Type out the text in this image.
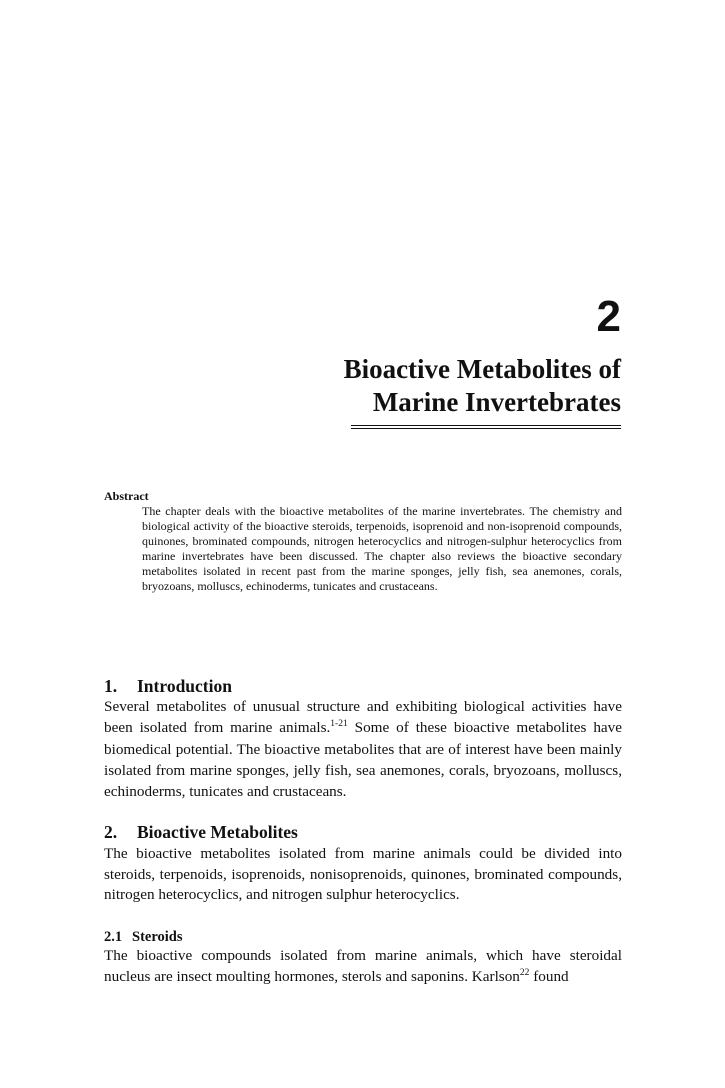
2
Bioactive Metabolites of
Marine Invertebrates
Abstract

The chapter deals with the bioactive metabolites of the marine invertebrates. The chemistry and biological activity of the bioactive steroids, terpenoids, isoprenoid and non-isoprenoid compounds, quinones, brominated compounds, nitrogen heterocyclics and nitrogen-sulphur heterocyclics from marine invertebrates have been discussed. The chapter also reviews the bioactive secondary metabolites isolated in recent past from the marine sponges, jelly fish, sea anemones, corals, bryozoans, molluscs, echinoderms, tunicates and crustaceans.

1. Introduction

Several metabolites of unusual structure and exhibiting biological activities have been isolated from marine animals.$^{1-21}$ Some of these bioactive metabolites have biomedical potential. The bioactive metabolites that are of interest have been mainly isolated from marine sponges, jelly fish, sea anemones, corals, bryozoans, molluscs, echinoderms, tunicates and crustaceans.

2. Bioactive Metabolites

The bioactive metabolites isolated from marine animals could be divided into steroids, terpenoids, isoprenoids, nonisoprenoids, quinones, brominated compounds, nitrogen heterocyclics, and nitrogen sulphur heterocyclics.

2.1 Steroids

The bioactive compounds isolated from marine animals, which have steroidal nucleus are insect moulting hormones, sterols and saponins. Karlson$^{22}$ found
